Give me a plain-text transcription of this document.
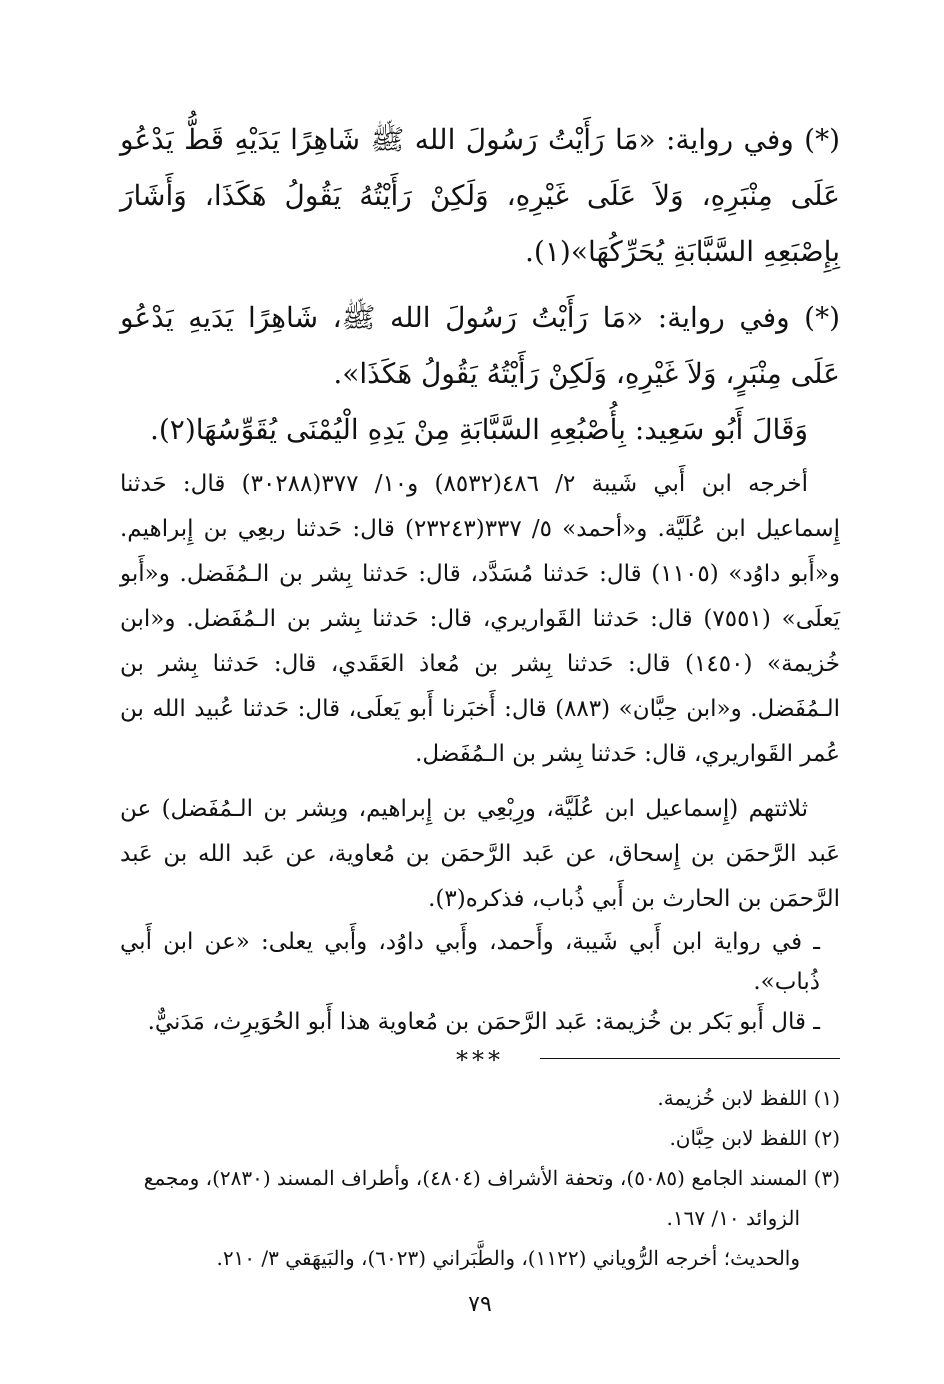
(*) وفي رواية: «مَا رَأَيْتُ رَسُولَ الله ﷺ شَاهِرًا يَدَيْهِ قَطُّ يَدْعُو عَلَى مِنْبَرِهِ، وَلاَ عَلَى غَيْرِهِ، وَلَكِنْ رَأَيْتُهُ يَقُولُ هَكَذَا، وَأَشَارَ بِإِصْبَعِهِ السَّبَّابَةِ يُحَرِّكُهَا»(١).

(*) وفي رواية: «مَا رَأَيْتُ رَسُولَ الله ﷺ، شَاهِرًا يَدَيهِ يَدْعُو عَلَى مِنْبَرٍ، وَلاَ غَيْرِهِ، وَلَكِنْ رَأَيْتُهُ يَقُولُ هَكَذَا».

وَقَالَ أَبُو سَعِيد: بِأُصْبُعِهِ السَّبَّابَةِ مِنْ يَدِهِ الْيُمْنَى يُقَوِّسُهَا(٢).

أخرجه ابن أَبي شَيبة ٢/ ٤٨٦(٨٥٣٢) و١٠/ ٣٧٧(٣٠٢٨٨) قال: حَدثنا إِسماعيل ابن عُلَيَّة. و«أحمد» ٥/ ٣٣٧(٢٣٢٤٣) قال: حَدثنا ربعِي بن إِبراهيم. و«أَبو داوُد» (١١٠٥) قال: حَدثنا مُسَدَّد، قال: حَدثنا بِشر بن الـمُفَضل. و«أَبو يَعلَى» (٧٥٥١) قال: حَدثنا القَواريري، قال: حَدثنا بِشر بن الـمُفَضل. و«ابن خُزيمة» (١٤٥٠) قال: حَدثنا بِشر بن مُعاذ العَقَدي، قال: حَدثنا بِشر بن الـمُفَضل. و«ابن حِبَّان» (٨٨٣) قال: أَخبَرنا أَبو يَعلَى، قال: حَدثنا عُبيد الله بن عُمر القَواريري، قال: حَدثنا بِشر بن الـمُفَضل.

ثلاثتهم (إِسماعيل ابن عُلَيَّة، ورِبْعِي بن إِبراهيم، وبِشر بن الـمُفَضل) عن عَبد الرَّحمَن بن إِسحاق، عن عَبد الرَّحمَن بن مُعاوية، عن عَبد الله بن عَبد الرَّحمَن بن الحارث بن أَبي ذُباب، فذكره(٣).

ـ في رواية ابن أَبي شَيبة، وأَحمد، وأَبي داوُد، وأَبي يعلى: «عن ابن أَبي ذُباب».

ـ قال أَبو بَكر بن خُزيمة: عَبد الرَّحمَن بن مُعاوية هذا أَبو الحُوَيرِث، مَدَنيٌّ.

***

(١) اللفظ لابن خُزيمة.

(٢) اللفظ لابن حِبَّان.

(٣) المسند الجامع (٥٠٨٥)، وتحفة الأشراف (٤٨٠٤)، وأطراف المسند (٢٨٣٠)، ومجمع

الزوائد ١٠/ ١٦٧.

والحديث؛ أخرجه الرُّوياني (١١٢٢)، والطَّبَراني (٦٠٢٣)، والبَيهَقي ٣/ ٢١٠.

٧٩
